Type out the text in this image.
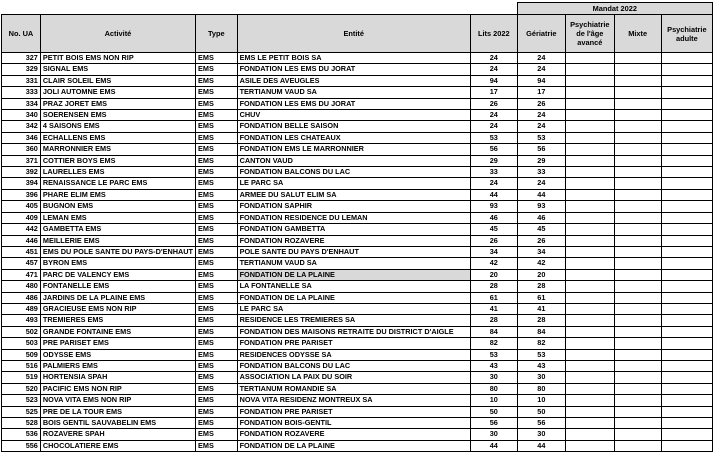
					Mandat 2022			
No. UA	Activité	Type	Entité	Lits 2022	Gériatrie	Psychiatrie de l'âge avancé	Mixte	Psychiatrie adulte
327	PETIT BOIS EMS NON RIP	EMS	EMS LE PETIT BOIS SA	24	24			
329	SIGNAL EMS	EMS	FONDATION LES EMS DU JORAT	24	24			
331	CLAIR SOLEIL EMS	EMS	ASILE DES AVEUGLES	94	94			
333	JOLI AUTOMNE EMS	EMS	TERTIANUM VAUD SA	17	17			
334	PRAZ JORET EMS	EMS	FONDATION LES EMS DU JORAT	26	26			
340	SOERENSEN EMS	EMS	CHUV	24	24			
342	4 SAISONS EMS	EMS	FONDATION BELLE SAISON	24	24			
346	ECHALLENS EMS	EMS	FONDATION LES CHATEAUX	53	53			
360	MARRONNIER EMS	EMS	FONDATION EMS LE MARRONNIER	56	56			
371	COTTIER BOYS EMS	EMS	CANTON VAUD	29	29			
392	LAURELLES EMS	EMS	FONDATION BALCONS DU LAC	33	33			
394	RENAISSANCE LE PARC EMS	EMS	LE PARC SA	24	24			
396	PHARE ELIM EMS	EMS	ARMEE DU SALUT ELIM SA	44	44			
405	BUGNON EMS	EMS	FONDATION SAPHIR	93	93			
409	LEMAN EMS	EMS	FONDATION RESIDENCE DU LEMAN	46	46			
442	GAMBETTA EMS	EMS	FONDATION GAMBETTA	45	45			
446	MEILLERIE EMS	EMS	FONDATION ROZAVERE	26	26			
451	EMS DU POLE SANTE DU PAYS-D'ENHAUT	EMS	POLE SANTE DU PAYS D'ENHAUT	34	34			
457	BYRON EMS	EMS	TERTIANUM VAUD SA	42	42			
471	PARC DE VALENCY EMS	EMS	FONDATION DE LA PLAINE	20	20			
480	FONTANELLE EMS	EMS	LA FONTANELLE SA	28	28			
486	JARDINS DE LA PLAINE EMS	EMS	FONDATION DE LA PLAINE	61	61			
489	GRACIEUSE EMS NON RIP	EMS	LE PARC SA	41	41			
493	TREMIERES EMS	EMS	RESIDENCE LES TREMIERES SA	28	28			
502	GRANDE FONTAINE EMS	EMS	FONDATION DES MAISONS RETRAITE DU DISTRICT D'AIGLE	84	84			
503	PRE PARISET EMS	EMS	FONDATION PRE PARISET	82	82			
509	ODYSSE EMS	EMS	RESIDENCES ODYSSE SA	53	53			
516	PALMIERS EMS	EMS	FONDATION BALCONS DU LAC	43	43			
519	HORTENSIA SPAH	EMS	ASSOCIATION LA PAIX DU SOIR	30	30			
520	PACIFIC EMS NON RIP	EMS	TERTIANUM ROMANDIE SA	80	80			
523	NOVA VITA EMS NON RIP	EMS	NOVA VITA RESIDENZ MONTREUX SA	10	10			
525	PRE DE LA TOUR EMS	EMS	FONDATION PRE PARISET	50	50			
528	BOIS GENTIL SAUVABELIN EMS	EMS	FONDATION BOIS-GENTIL	56	56			
536	ROZAVERE SPAH	EMS	FONDATION ROZAVERE	30	30			
556	CHOCOLATIERE EMS	EMS	FONDATION DE LA PLAINE	44	44			
